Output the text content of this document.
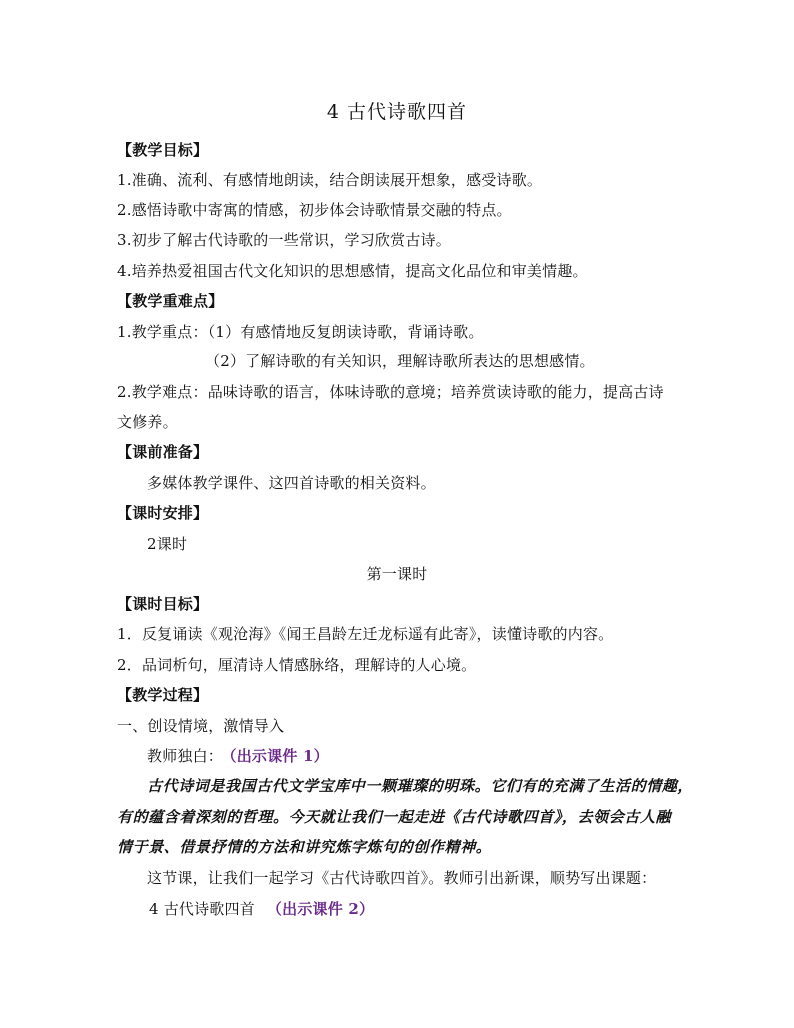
4 古代诗歌四首
【教学目标】
1.准确、流利、有感情地朗读，结合朗读展开想象，感受诗歌。
2.感悟诗歌中寄寓的情感，初步体会诗歌情景交融的特点。
3.初步了解古代诗歌的一些常识，学习欣赏古诗。
4.培养热爱祖国古代文化知识的思想感情，提高文化品位和审美情趣。
【教学重难点】
1.教学重点：（1）有感情地反复朗读诗歌，背诵诗歌。
（2）了解诗歌的有关知识，理解诗歌所表达的思想感情。
2.教学难点：品味诗歌的语言，体味诗歌的意境；培养赏读诗歌的能力，提高古诗
文修养。
【课前准备】
多媒体教学课件、这四首诗歌的相关资料。
【课时安排】
2课时
第一课时
【课时目标】
1．反复诵读《观沧海》《闻王昌龄左迁龙标遥有此寄》，读懂诗歌的内容。
2．品词析句，厘清诗人情感脉络，理解诗的人心境。
【教学过程】
一、创设情境，激情导入
教师独白： （出示课件 1）
古代诗词是我国古代文学宝库中一颗璀璨的明珠。它们有的充满了生活的情趣，
有的蕴含着深刻的哲理。今天就让我们一起走进《古代诗歌四首》，去领会古人融
情于景、借景抒情的方法和讲究炼字炼句的创作精神。
这节课，让我们一起学习《古代诗歌四首》。教师引出新课，顺势写出课题：
4 古代诗歌四首 （出示课件 2）
